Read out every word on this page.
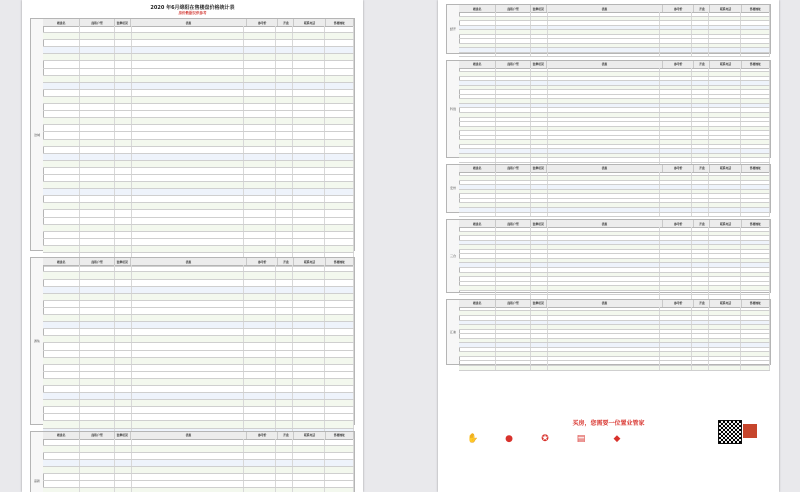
2020 年6月绵阳在售楼盘价格统计表
房价数据仅供参考
涪城
楼盘名	面积户型	装修状况	优惠	参考价	开盘	联系电话	售楼地址
游仙
楼盘名	面积户型	装修状况	优惠	参考价	开盘	联系电话	售楼地址
高新
楼盘名	面积户型	装修状况	优惠	参考价	开盘	联系电话	售楼地址
经开
楼盘名	面积户型	装修状况	优惠	参考价	开盘	联系电话	售楼地址
科创
楼盘名	面积户型	装修状况	优惠	参考价	开盘	联系电话	售楼地址
安州
楼盘名	面积户型	装修状况	优惠	参考价	开盘	联系电话	售楼地址
三台
楼盘名	面积户型	装修状况	优惠	参考价	开盘	联系电话	售楼地址
江油
楼盘名	面积户型	装修状况	优惠	参考价	开盘	联系电话	售楼地址
买房，您需要一位置业管家
✋	●	✪	▤	◆
